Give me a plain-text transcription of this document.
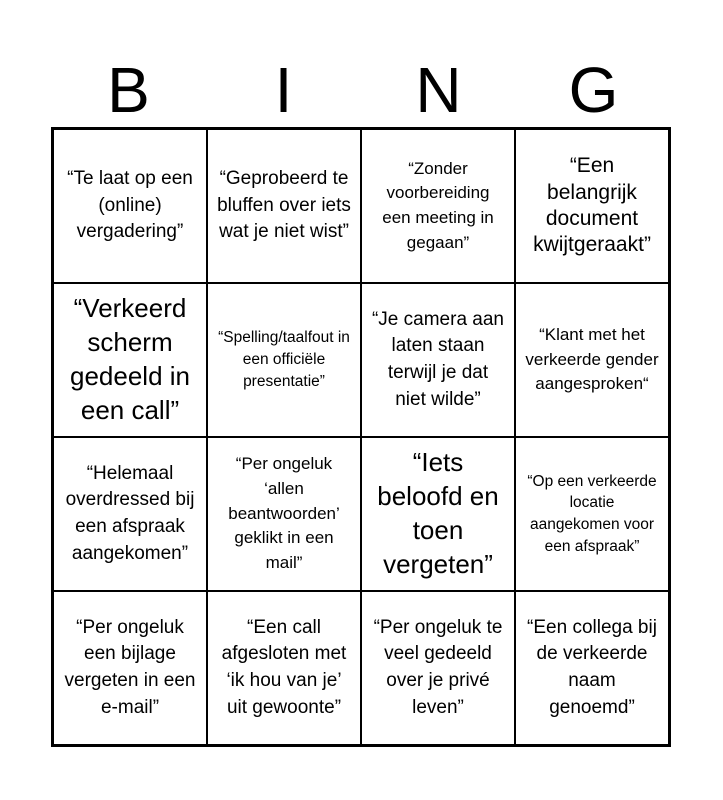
B	I	N	G
“Te laat op een (online) vergadering”
“Geprobeerd te bluffen over iets wat je niet wist”
“Zonder voorbereiding een meeting in gegaan”
“Een belangrijk document kwijtgeraakt”
“Verkeerd scherm gedeeld in een call”
“Spelling/taalfout in een officiële presentatie”
“Je camera aan laten staan terwijl je dat niet wilde”
“Klant met het verkeerde gender aangesproken“
“Helemaal overdressed bij een afspraak aangekomen”
“Per ongeluk ‘allen beantwoorden’ geklikt in een mail”
“Iets beloofd en toen vergeten”
“Op een verkeerde locatie aangekomen voor een afspraak”
“Per ongeluk een bijlage vergeten in een e-mail”
“Een call afgesloten met ‘ik hou van je’ uit gewoonte”
“Per ongeluk te veel gedeeld over je privé leven”
“Een collega bij de verkeerde naam genoemd”
